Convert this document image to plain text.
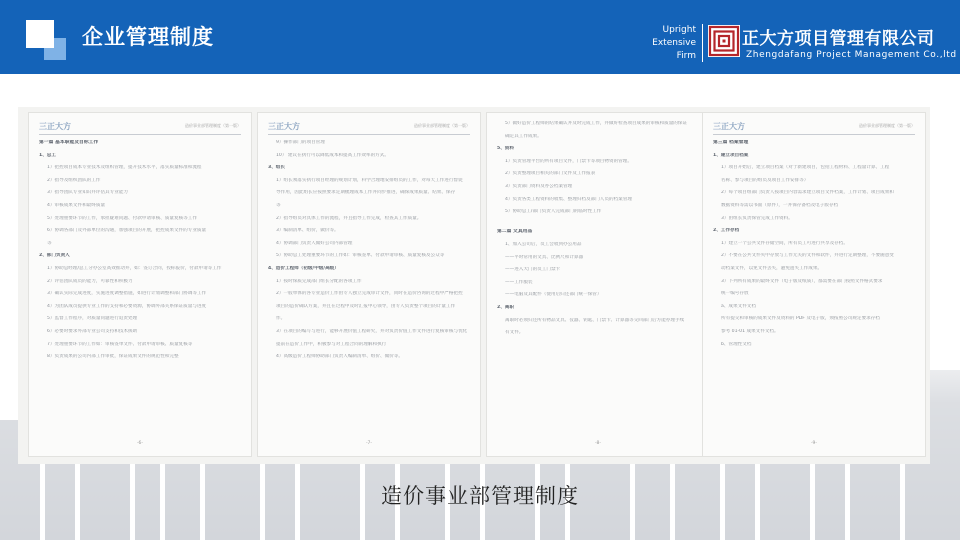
企业管理制度	Upright
Extensive
Firm
正大方项目管理有限公司
Zhengdafang Project Management Co.,ltd
三正大方	造价事业部管理制度（第一版）
第一篇 基本职能及目标工作
1、总工
1）把控项目成本专业技术及组织管理，提升技术水平，落实质量标准和流程
2）指导及组织团队的工作
3）指导团队专业知识并评估其专业能力
4）审核成果文件和最终质量
5）处理重要环节的工作，承担疑难问题、付款申请审核、质量复核等工作
6）协调各部门及外部单位的沟通，加强项目的开展，把控成果文件的专业质量
等
2、部门负责人
1）协助总经理/总工分办公室高效推动并，如：签订合同，投标报价，付款申请等工作
2）评估团队成员的能力，可靠性和积极力
3）确认实际完成进度，实施进度调整措施，如进行计划调整和部门协调等工作
4）为团队成员提供专业工作的支持和必要资源，协调外部关系保证质量与进度
5）监督工作程序，对质量问题进行追责处理
6）必要时要求外部专业公司支持和技术援助
7）处理重要环节的工作如：审核签单文件、付款申请审核、质量复核等
8）负责成果的公司内部工作审批，保证成果文件的规范性和完整
-6-
三正大方	造价事业部管理制度（第一版）
9）操作部门的项目管理
10） 建议在执行可以降低成本和提高工作效率的方式。
3、组长
1）组长须落实执行项目经理的规划计划，科学合理地安排组员的工作，对每天工作进行督促
导作用，因此组长应按照要求定期梳理成本工作并同步推进，确保成果质量、结果、保存
等
2）指导组员对具体工作的流程，并且指导工作完成，检查其工作质量。
3）编制清单、组价，做价等。
4）协调部门负责人做好公司内部管理
5）协助总工处理重要环节的工作如：审核签单、付款申请审核、质量复核及公众等
4、造价工程师（初级/中级/高级）
1）按时保质完成部门组长分配的各项工作
2）一般单体的各专业造价工作由专人独立完成审计文件，同时在造价咨询的过程中严格把控
项目的造价确认方案，并且在过程中及时汇报中心领导，由专人负责整个项目的计量工作
作。
3）在项目的编写与进行，能够开展价值工程研究，并对负责价值工作文件进行复核审核与优化
提前在造价工作中，积极参与对工程合同的理解和执行
4）高级造价工程师协助部门负责人编制清单、组价、做价等。
-7-
5）做好造价工程师的结果确认并及时完成工作，并做好检查项目成果的审核和质量的保证
确定其工作成果。
5、资料
1）负责管理平台的所有项目文件，门禁卡等项目物资的管理。
2）负责整理项目相关的部门文件及工作报表
3）负责部门资料及办公档案管理
4）负责各类工程资料的收集、整理归档及部门人员的档案管理
5）协助总工/部门负责人完成部门的临时性工作
第二篇 文具用品
1、加入公司后，员工会收到办公用品
——平时常用的文具、比例尺和计算器
——进入大门的员工门禁卡
——工作服装
——电脑及其配件（使用后归还部门统一保管）
2、离职
离职时必须归还所有物品文具、仪器、钥匙、门禁卡、计算器等交回部门后方能办理手续
有文件。
-8-
三正大方	造价事业部管理制度（第一版）
第三篇 档案管理
1、建立项目档案
1）项目开始后，建立项目档案（对于新建项目，包括工程材料、工程量计算、工程
名称、参与项目的组员及项目工作安排等）
2）每个项目组部门负责人按项目内容需求建立项目文件档案，工作计划、项目成果和
数据资料等需以书面（原件），一并保存备档及电子版存档
3）由组长负责保管完成工作资料。
2、工作存档
1）建立一个公共文件存储空间，所有员工可进行共享及存档。
2）不要在公共文件夹中存放与工作无关的文件和软件，并进行定期整理，不要随意变
动档案文件，以免文件丢失，避免遗失工作成果。
3）下列所有成果的最终文件（电子版及纸质），都需要在部门按照文件格式要求
统一编号存放
a、成果文件文档
所有提交和审核的成果文件及资料的 PDF 及电子版，须按照公司规定要求存档
参考 01-01 成果文件文档。
b、管理性文档
-9-
造价事业部管理制度
